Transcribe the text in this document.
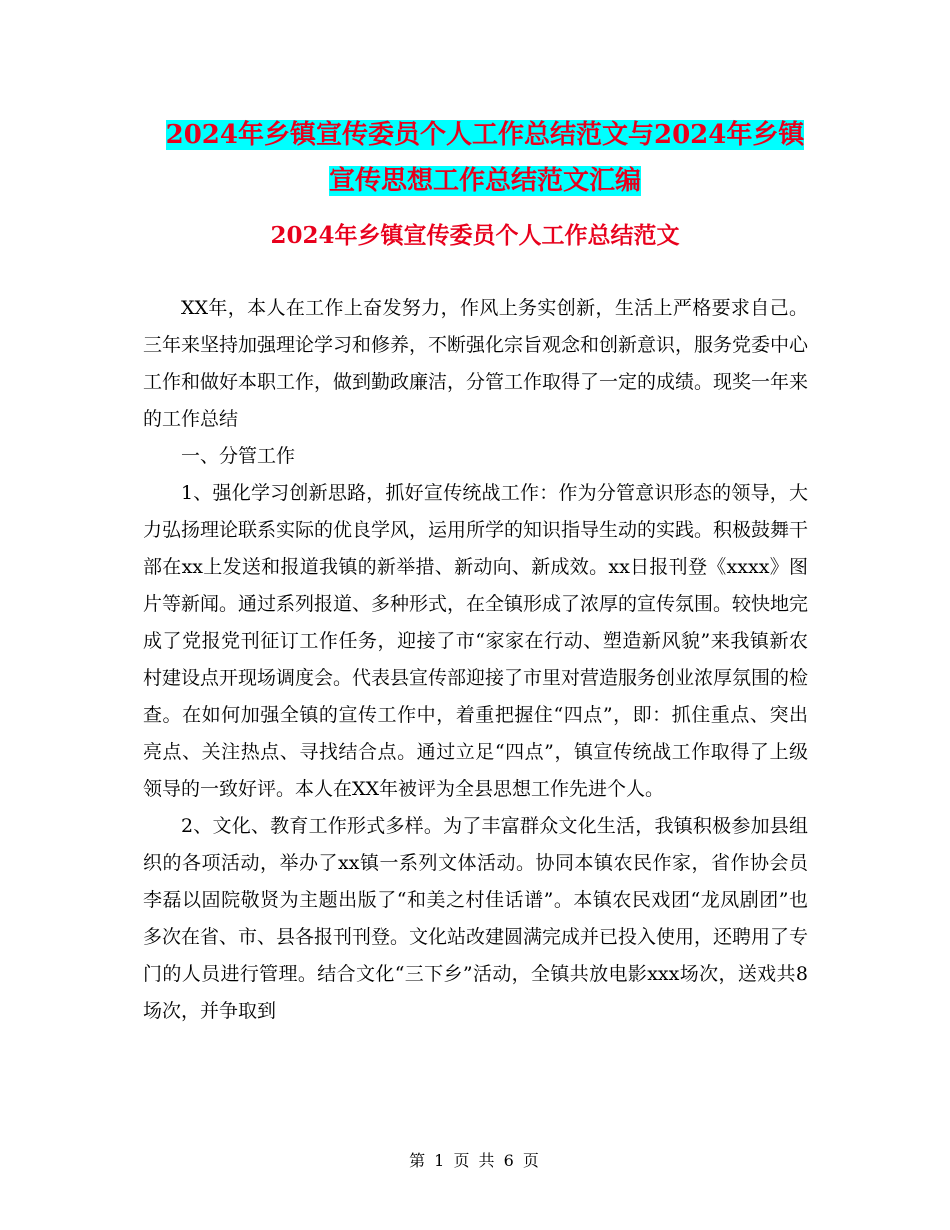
2024年乡镇宣传委员个人工作总结范文与2024年乡镇
宣传思想工作总结范文汇编
2024年乡镇宣传委员个人工作总结范文

XX年，本人在工作上奋发努力，作风上务实创新，生活上严格要求自己。三年来坚持加强理论学习和修养，不断强化宗旨观念和创新意识，服务党委中心工作和做好本职工作，做到勤政廉洁，分管工作取得了一定的成绩。现奖一年来的工作总结

一、分管工作

1、强化学习创新思路，抓好宣传统战工作：作为分管意识形态的领导，大力弘扬理论联系实际的优良学风，运用所学的知识指导生动的实践。积极鼓舞干部在xx上发送和报道我镇的新举措、新动向、新成效。xx日报刊登《xxxx》图片等新闻。通过系列报道、多种形式，在全镇形成了浓厚的宣传氛围。较快地完成了党报党刊征订工作任务，迎接了市“家家在行动、塑造新风貌”来我镇新农村建设点开现场调度会。代表县宣传部迎接了市里对营造服务创业浓厚氛围的检查。在如何加强全镇的宣传工作中，着重把握住“四点”，即：抓住重点、突出亮点、关注热点、寻找结合点。通过立足“四点”，镇宣传统战工作取得了上级领导的一致好评。本人在XX年被评为全县思想工作先进个人。

2、文化、教育工作形式多样。为了丰富群众文化生活，我镇积极参加县组织的各项活动，举办了xx镇一系列文体活动。协同本镇农民作家，省作协会员李磊以固院敬贤为主题出版了“和美之村佳话谱”。本镇农民戏团“龙凤剧团”也多次在省、市、县各报刊刊登。文化站改建圆满完成并已投入使用，还聘用了专门的人员进行管理。结合文化“三下乡”活动，全镇共放电影xxx场次，送戏共8场次，并争取到

第 1 页 共 6 页
